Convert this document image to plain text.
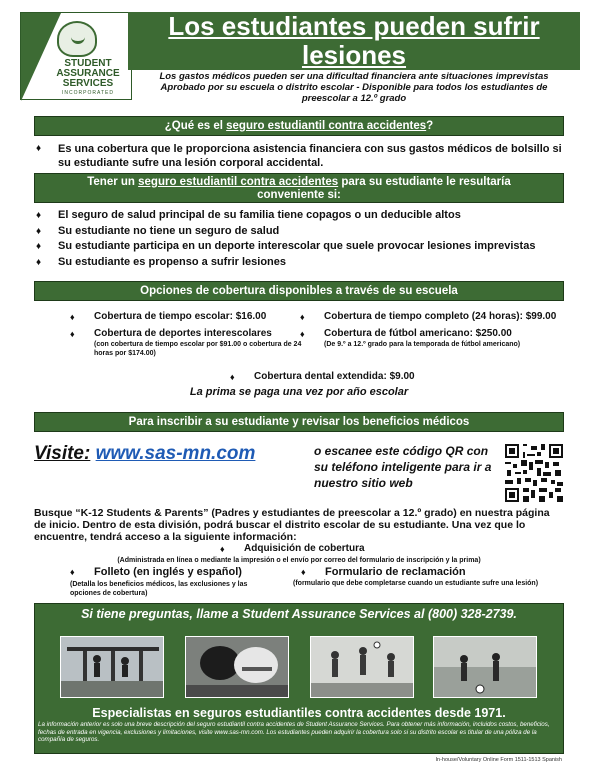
STUDENT
ASSURANCE
SERVICES
INCORPORATED
Los estudiantes pueden sufrir
lesiones
Los gastos médicos pueden ser una dificultad financiera ante situaciones imprevistas
Aprobado por su escuela o distrito escolar - Disponible para todos los estudiantes de
preescolar a 12.º grado
¿Qué es el seguro estudiantil contra accidentes?
♦ Es una cobertura que le proporciona asistencia financiera con sus gastos médicos de bolsillo si su estudiante sufre una lesión corporal accidental.
Tener un seguro estudiantil contra accidentes para su estudiante le resultaría
conveniente si:
♦ El seguro de salud principal de su familia tiene copagos o un deducible altos
♦ Su estudiante no tiene un seguro de salud
♦ Su estudiante participa en un deporte interescolar que suele provocar lesiones imprevistas
♦ Su estudiante es propenso a sufrir lesiones
Opciones de cobertura disponibles a través de su escuela
♦ Cobertura de tiempo escolar: $16.00
♦	Cobertura de tiempo completo (24 horas): $99.00
♦ Cobertura de deportes interescolares
(con cobertura de tiempo escolar por $91.00 o cobertura de 24 horas por $174.00)
♦ Cobertura de fútbol americano: $250.00
(De 9.º a 12.º grado para la temporada de fútbol americano)
♦ Cobertura dental extendida: $9.00
La prima se paga una vez por año escolar
Para inscribir a su estudiante y revisar los beneficios médicos
Visite: www.sas-mn.com	o escanee este código QR con su teléfono inteligente para ir a nuestro sitio web
Busque “K-12 Students & Parents” (Padres y estudiantes de preescolar a 12.º grado) en nuestra página de inicio. Dentro de esta división, podrá buscar el distrito escolar de su estudiante. Una vez que lo encuentre, tendrá acceso a la siguiente información:
♦ Adquisición de cobertura
(Administrada en línea o mediante la impresión o el envío por correo del formulario de inscripción y la prima)
♦ Folleto (en inglés y español)
(Detalla los beneficios médicos, las exclusiones y las opciones de cobertura)
♦ Formulario de reclamación
(formulario que debe completarse cuando un estudiante sufre una lesión)
Si tiene preguntas, llame a Student Assurance Services al (800) 328-2739.
Especialistas en seguros estudiantiles contra accidentes desde 1971.
La información anterior es solo una breve descripción del seguro estudiantil contra accidentes de Student Assurance Services. Para obtener más información, incluidos costos, beneficios, fechas de entrada en vigencia, exclusiones y limitaciones, visite www.sas-mn.com. Los estudiantes pueden adquirir la cobertura solo si su distrito escolar es titular de una póliza de la compañía de seguros.
In-house/Voluntary Online Form 1511-1513 Spanish
